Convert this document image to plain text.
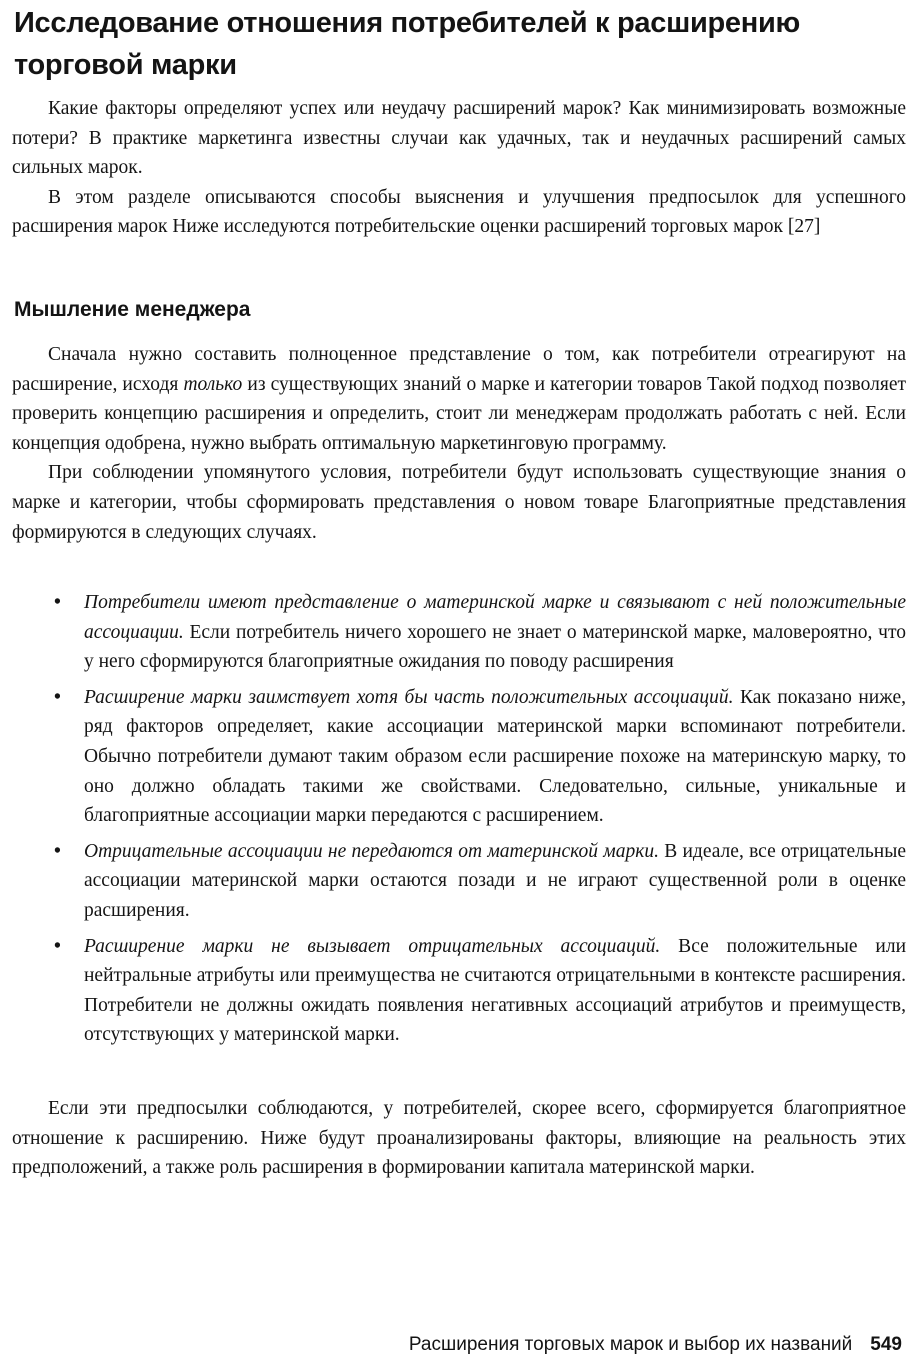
Исследование отношения потребителей к расширению торговой марки

Какие факторы определяют успех или неудачу расширений марок? Как минимизировать возможные потери? В практике маркетинга известны случаи как удачных, так и неудачных расширений самых сильных марок.

В этом разделе описываются способы выяснения и улучшения предпосылок для успешного расширения марок Ниже исследуются потребительские оценки расширений торговых марок [27]

Мышление менеджера

Сначала нужно составить полноценное представление о том, как потребители отреагируют на расширение, исходя только из существующих знаний о марке и категории товаров Такой подход позволяет проверить концепцию расширения и определить, стоит ли менеджерам продолжать работать с ней. Если концепция одобрена, нужно выбрать оптимальную маркетинговую программу.

При соблюдении упомянутого условия, потребители будут использовать существующие знания о марке и категории, чтобы сформировать представления о новом товаре Благоприятные представления формируются в следующих случаях.

• Потребители имеют представление о материнской марке и связывают с ней положительные ассоциации. Если потребитель ничего хорошего не знает о материнской марке, маловероятно, что у него сформируются благоприятные ожидания по поводу расширения
• Расширение марки заимствует хотя бы часть положительных ассоциаций. Как показано ниже, ряд факторов определяет, какие ассоциации материнской марки вспоминают потребители. Обычно потребители думают таким образом если расширение похоже на материнскую марку, то оно должно обладать такими же свойствами. Следовательно, сильные, уникальные и благоприятные ассоциации марки передаются с расширением.
• Отрицательные ассоциации не передаются от материнской марки. В идеале, все отрицательные ассоциации материнской марки остаются позади и не играют существенной роли в оценке расширения.
• Расширение марки не вызывает отрицательных ассоциаций. Все положительные или нейтральные атрибуты или преимущества не считаются отрицательными в контексте расширения. Потребители не должны ожидать появления негативных ассоциаций атрибутов и преимуществ, отсутствующих у материнской марки.

Если эти предпосылки соблюдаются, у потребителей, скорее всего, сформируется благоприятное отношение к расширению. Ниже будут проанализированы факторы, влияющие на реальность этих предположений, а также роль расширения в формировании капитала материнской марки.

Расширения торговых марок и выбор их названий 549
